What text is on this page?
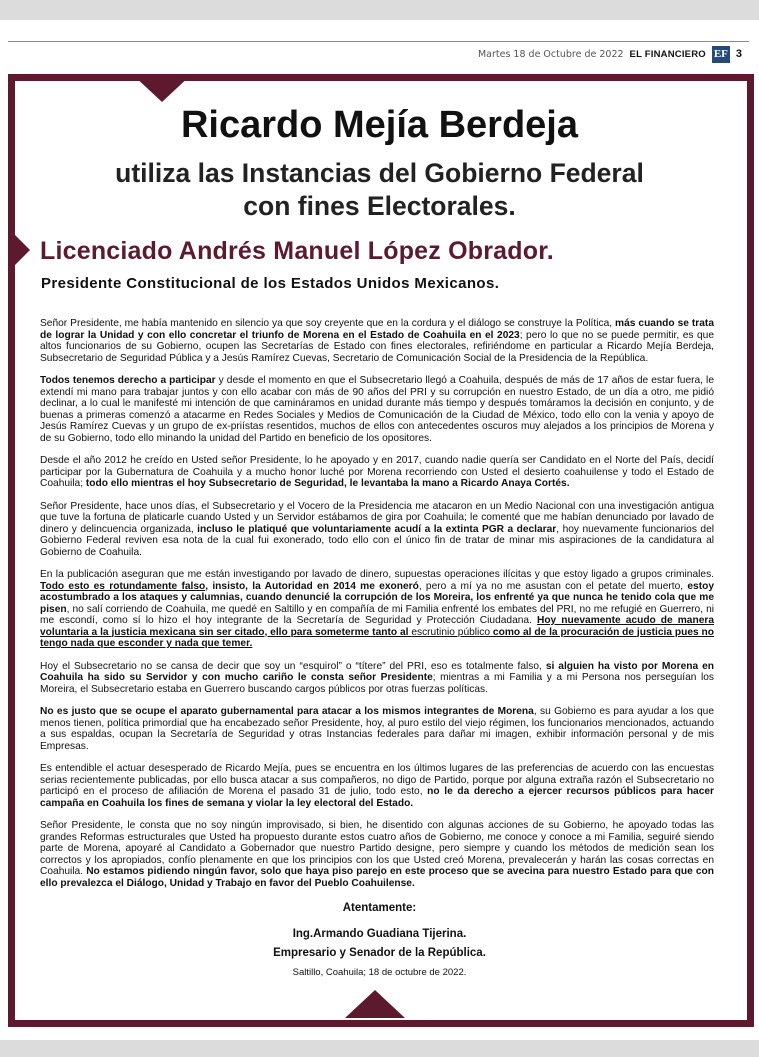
Martes 18 de Octubre de 2022 EL FINANCIERO EF 3
Ricardo Mejía Berdeja
utiliza las Instancias del Gobierno Federal
con fines Electorales.
Licenciado Andrés Manuel López Obrador.
Presidente Constitucional de los Estados Unidos Mexicanos.

Señor Presidente, me había mantenido en silencio ya que soy creyente que en la cordura y el diálogo se construye la Política, más cuando se trata de lograr la Unidad y con ello concretar el triunfo de Morena en el Estado de Coahuila en el 2023; pero lo que no se puede permitir, es que altos funcionarios de su Gobierno, ocupen las Secretarías de Estado con fines electorales, refiriéndome en particular a Ricardo Mejía Berdeja, Subsecretario de Seguridad Pública y a Jesús Ramírez Cuevas, Secretario de Comunicación Social de la Presidencia de la República.

Todos tenemos derecho a participar y desde el momento en que el Subsecretario llegó a Coahuila, después de más de 17 años de estar fuera, le extendí mi mano para trabajar juntos y con ello acabar con más de 90 años del PRI y su corrupción en nuestro Estado, de un día a otro, me pidió declinar, a lo cual le manifesté mi intención de que camináramos en unidad durante más tiempo y después tomáramos la decisión en conjunto, y de buenas a primeras comenzó a atacarme en Redes Sociales y Medios de Comunicación de la Ciudad de México, todo ello con la venia y apoyo de Jesús Ramírez Cuevas y un grupo de ex-priístas resentidos, muchos de ellos con antecedentes oscuros muy alejados a los principios de Morena y de su Gobierno, todo ello minando la unidad del Partido en beneficio de los opositores.

Desde el año 2012 he creído en Usted señor Presidente, lo he apoyado y en 2017, cuando nadie quería ser Candidato en el Norte del País, decidí participar por la Gubernatura de Coahuila y a mucho honor luché por Morena recorriendo con Usted el desierto coahuilense y todo el Estado de Coahuila; todo ello mientras el hoy Subsecretario de Seguridad, le levantaba la mano a Ricardo Anaya Cortés.

Señor Presidente, hace unos días, el Subsecretario y el Vocero de la Presidencia me atacaron en un Medio Nacional con una investigación antigua que tuve la fortuna de platicarle cuando Usted y un Servidor estábamos de gira por Coahuila; le comenté que me habían denunciado por lavado de dinero y delincuencia organizada, incluso le platiqué que voluntariamente acudí a la extinta PGR a declarar, hoy nuevamente funcionarios del Gobierno Federal reviven esa nota de la cual fui exonerado, todo ello con el único fin de tratar de minar mis aspiraciones de la candidatura al Gobierno de Coahuila.

En la publicación aseguran que me están investigando por lavado de dinero, supuestas operaciones ilícitas y que estoy ligado a grupos criminales. Todo esto es rotundamente falso, insisto, la Autoridad en 2014 me exoneró, pero a mí ya no me asustan con el petate del muerto, estoy acostumbrado a los ataques y calumnias, cuando denuncié la corrupción de los Moreira, los enfrenté ya que nunca he tenido cola que me pisen, no salí corriendo de Coahuila, me quedé en Saltillo y en compañía de mi Familia enfrenté los embates del PRI, no me refugié en Guerrero, ni me escondí, como sí lo hizo el hoy integrante de la Secretaría de Seguridad y Protección Ciudadana. Hoy nuevamente acudo de manera voluntaria a la justicia mexicana sin ser citado, ello para someterme tanto al escrutinio público como al de la procuración de justicia pues no tengo nada que esconder y nada que temer.

Hoy el Subsecretario no se cansa de decir que soy un “esquirol” o “títere” del PRI, eso es totalmente falso, si alguien ha visto por Morena en Coahuila ha sido su Servidor y con mucho cariño le consta señor Presidente; mientras a mi Familia y a mi Persona nos perseguían los Moreira, el Subsecretario estaba en Guerrero buscando cargos públicos por otras fuerzas políticas.

No es justo que se ocupe el aparato gubernamental para atacar a los mismos integrantes de Morena, su Gobierno es para ayudar a los que menos tienen, política primordial que ha encabezado señor Presidente, hoy, al puro estilo del viejo régimen, los funcionarios mencionados, actuando a sus espaldas, ocupan la Secretaría de Seguridad y otras Instancias federales para dañar mi imagen, exhibir información personal y de mis Empresas.

Es entendible el actuar desesperado de Ricardo Mejía, pues se encuentra en los últimos lugares de las preferencias de acuerdo con las encuestas serias recientemente publicadas, por ello busca atacar a sus compañeros, no digo de Partido, porque por alguna extraña razón el Subsecretario no participó en el proceso de afiliación de Morena el pasado 31 de julio, todo esto, no le da derecho a ejercer recursos públicos para hacer campaña en Coahuila los fines de semana y violar la ley electoral del Estado.

Señor Presidente, le consta que no soy ningún improvisado, si bien, he disentido con algunas acciones de su Gobierno, he apoyado todas las grandes Reformas estructurales que Usted ha propuesto durante estos cuatro años de Gobierno, me conoce y conoce a mi Familia, seguiré siendo parte de Morena, apoyaré al Candidato a Gobernador que nuestro Partido designe, pero siempre y cuando los métodos de medición sean los correctos y los apropiados, confío plenamente en que los principios con los que Usted creó Morena, prevalecerán y harán las cosas correctas en Coahuila. No estamos pidiendo ningún favor, solo que haya piso parejo en este proceso que se avecina para nuestro Estado para que con ello prevalezca el Diálogo, Unidad y Trabajo en favor del Pueblo Coahuilense.

Atentamente:
Ing.Armando Guadiana Tijerina.
Empresario y Senador de la República.
Saltillo, Coahuila; 18 de octubre de 2022.
INSERCIÓN PAGADA
